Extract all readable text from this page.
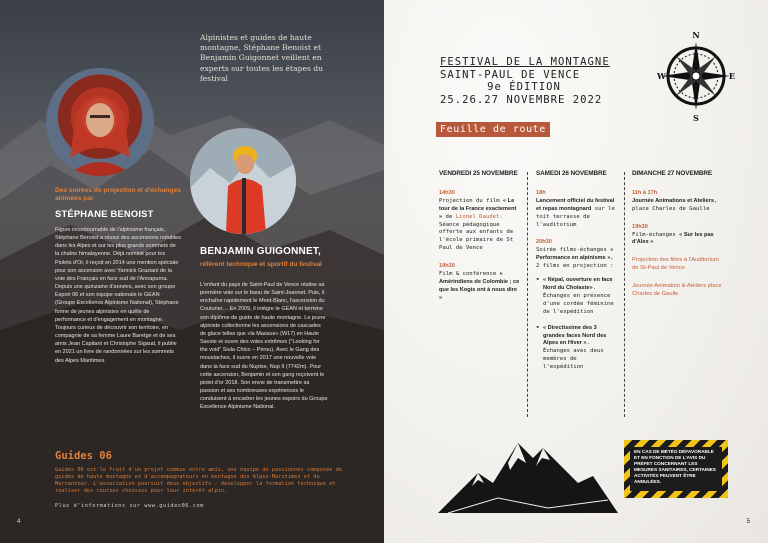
Alpinistes et guides de haute montagne, Stéphane Benoist et Benjamin Guigonnet veillent en experts sur toutes les étapes du festival
Des soirées de projection et d'échanges animées par
STÉPHANE BENOIST
Figure incontournable de l'alpinisme français, Stéphane Benoist a réussi des ascensions notables dans les Alpes et sur les plus grands sommets de la chaîne himalayenne. Déjà nominé pour les Piolets d'Or, il reçoit en 2014 une mention spéciale pour son ascension avec Yannick Graziani de la voie des Français en face sud de l'Annapurna. Depuis une quinzaine d'années, avec son groupe Espoir 06 et son équipe nationale le GEAN (Groupe Excellence Alpinisme National), Stéphane forme de jeunes alpinistes en quête de performance et d'engagement en montagne. Toujours curieux de découvrir son territoire, en compagnie de sa femme Laure Baretge et de ses amis Jean Capitant et Christophe Sigaud, il publie en 2021 un livre de randonnées sur les sommets des Alpes Maritimes.
BENJAMIN GUIGONNET,
référent technique et sportif du festival
L'enfant du pays de Saint-Paul de Vence réalise sa première voie sur le baou de Saint-Jeannet. Puis, il enchaîne rapidement le Mont-Blanc, l'ascension du Couturier… En 2009, il intègre le GEAN et termine son diplôme de guide de haute montagne. Le jeune alpiniste collectionne les ascensions de cascades de glace telles que «la Massue» (W17) en Haute Savoie et ouvre des voies extrêmes ("Looking for the void" Siula Chico – Pérou). Avec le Gang des moustaches, il ouvre en 2017 une nouvelle voie dans la face sud du Nuptse, Nup II (7742m). Pour cette ascension, Benjamin et son gang reçoivent le piolet d'or 2018. Son envie de transmettre sa passion et ses nombreuses expériences le conduisent à encadrer les jeunes espoirs du Groupe Excellence Alpinisme National.
Guides 06
Guides 06 est le fruit d'un projet commun entre amis, une équipe de passionnés composée de guides de haute montagne et d'accompagnateurs en montagne des Alpes-Maritimes et du Mercantour. L'association poursuit deux objectifs : développer la formation technique et réaliser des courses choisies pour leur intérêt alpin.
Plus d'informations sur www.guides06.com
4
FESTIVAL DE LA MONTAGNE
SAINT-PAUL DE VENCE
9e ÉDITION
25.26.27 NOVEMBRE 2022
Feuille de route
N
E
S
W
VENDREDI 25 NOVEMBRE

14h30
Projection du film « Le tour de la France exactement » de Lionel Daudet. Séance pédagogique offerte aux enfants de l'école primaire de St Paul de Vence

19h30
Film & conférence « Amérindiens de Colombie ; ce que les Kogis ont à nous dire »

SAMEDI 26 NOVEMBRE

18h
Lancement officiel du festival et repas montagnard sur le toit terrasse de l'auditorium

20h30
Soirée films-échanges « Performance en alpinisme », 2 films en projection :

• « Népal, ouverture en face Nord du Cholaste». Échanges en présence d'une cordée féminine de l'expédition
• « Directissime des 3 grandes faces Nord des Alpes en Hiver ». Échanges avec deux membres de l'expédition
DIMANCHE 27 NOVEMBRE

11h à 17h
Journée Animations et Ateliers, place Charles de Gaulle

19h30
Film-échanges « Sur les pas d'Alex »

Projection des films à l'Auditorium de St-Paul de Vence

Journée Animation & Ateliers place Charles de Gaulle

EN CAS DE MÉTÉO DÉFAVORABLE ET EN FONCTION DE L'AVIS DU PRÉFET CONCERNANT LES MESURES SANITAIRES, CERTAINES ACTIVITÉS PEUVENT ÊTRE ANNULÉES.
5
